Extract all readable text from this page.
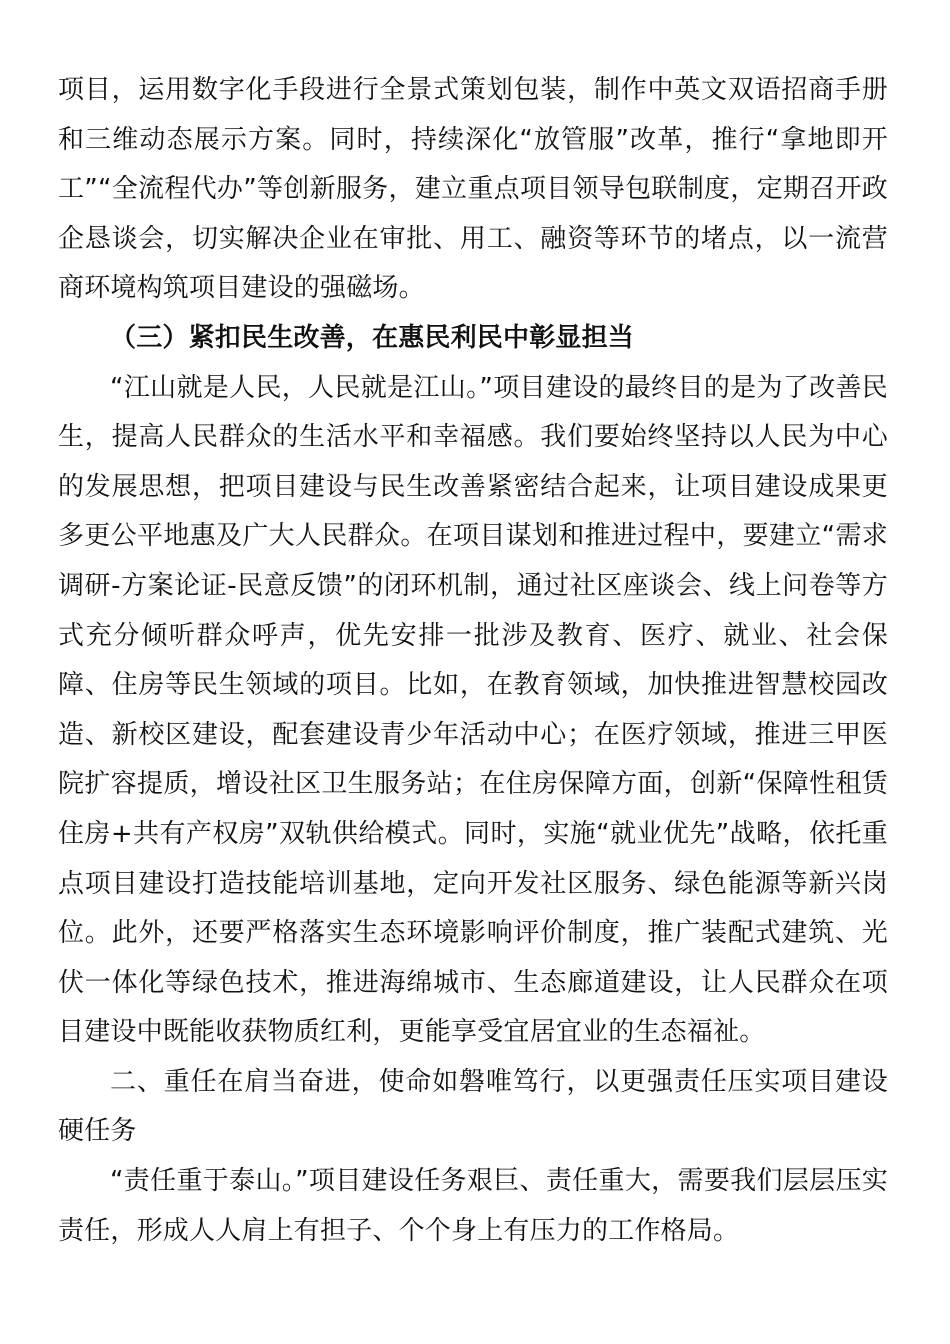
项目，运用数字化手段进行全景式策划包装，制作中英文双语招商手册和三维动态展示方案。同时，持续深化“放管服”改革，推行“拿地即开工”“全流程代办”等创新服务，建立重点项目领导包联制度，定期召开政企恳谈会，切实解决企业在审批、用工、融资等环节的堵点，以一流营商环境构筑项目建设的强磁场。

（三）紧扣民生改善，在惠民利民中彰显担当

“江山就是人民，人民就是江山。”项目建设的最终目的是为了改善民生，提高人民群众的生活水平和幸福感。我们要始终坚持以人民为中心的发展思想，把项目建设与民生改善紧密结合起来，让项目建设成果更多更公平地惠及广大人民群众。在项目谋划和推进过程中，要建立“需求调研-方案论证-民意反馈”的闭环机制，通过社区座谈会、线上问卷等方式充分倾听群众呼声，优先安排一批涉及教育、医疗、就业、社会保障、住房等民生领域的项目。比如，在教育领域，加快推进智慧校园改造、新校区建设，配套建设青少年活动中心；在医疗领域，推进三甲医院扩容提质，增设社区卫生服务站；在住房保障方面，创新“保障性租赁住房+共有产权房”双轨供给模式。同时，实施“就业优先”战略，依托重点项目建设打造技能培训基地，定向开发社区服务、绿色能源等新兴岗位。此外，还要严格落实生态环境影响评价制度，推广装配式建筑、光伏一体化等绿色技术，推进海绵城市、生态廊道建设，让人民群众在项目建设中既能收获物质红利，更能享受宜居宜业的生态福祉。

二、重任在肩当奋进，使命如磐唯笃行，以更强责任压实项目建设硬任务

“责任重于泰山。”项目建设任务艰巨、责任重大，需要我们层层压实责任，形成人人肩上有担子、个个身上有压力的工作格局。
